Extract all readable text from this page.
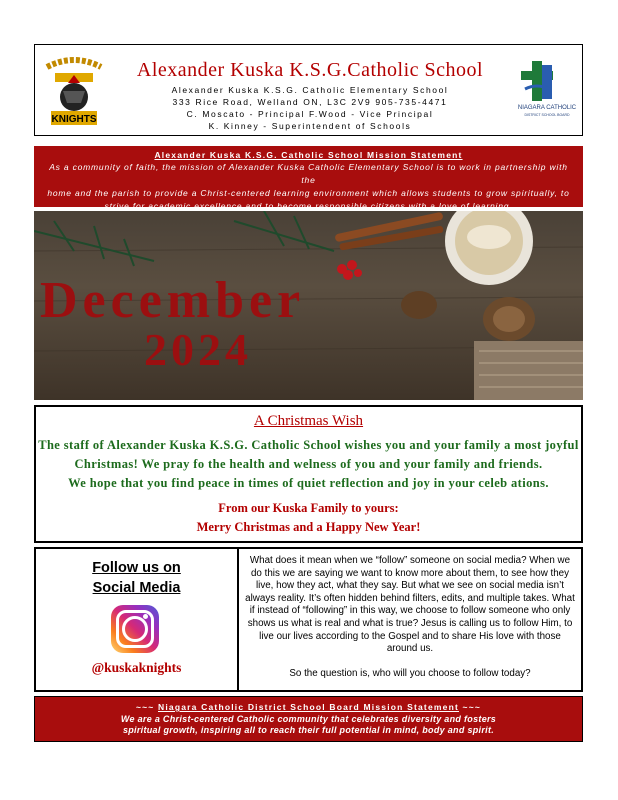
KNIGHTS
Alexander Kuska K.S.G.Catholic School
Alexander Kuska K.S.G. Catholic Elementary School
333 Rice Road, Welland ON, L3C 2V9 905-735-4471
C. Moscato - Principal F.Wood - Vice Principal
K. Kinney - Superintendent of Schools
NIAGARA CATHOLIC
DISTRICT SCHOOL BOARD
Alexander Kuska K.S.G. Catholic School Mission Statement
As a community of faith, the mission of Alexander Kuska Catholic Elementary School is to work in partnership with the
home and the parish to provide a Christ-centered learning environment which allows students to grow spiritually, to
strive for academic excellence and to become responsible citizens with a love of learning.
December
2024
A Christmas Wish
The staff of Alexander Kuska K.S.G. Catholic School wishes you and your family a most joyful
Christmas! We pray fo the health and welness of you and your family and friends.
We hope that you find peace in times of quiet reflection and joy in your celeb ations.
From our Kuska Family to yours:
Merry Christmas and a Happy New Year!
Follow us on
Social Media
@kuskaknights
What does it mean when we “follow” someone on social media? When we do this we are saying we want to know more about them, to see how they live, how they act, what they say. But what we see on social media isn’t always reality. It’s often hidden behind filters, edits, and multiple takes. What if instead of “following” in this way, we choose to follow someone who only shows us what is real and what is true? Jesus is calling us to follow Him, to live our lives according to the Gospel and to share His love with those around us.
So the question is, who will you choose to follow today?
~~~ Niagara Catholic District School Board Mission Statement ~~~
We are a Christ-centered Catholic community that celebrates diversity and fosters
spiritual growth, inspiring all to reach their full potential in mind, body and spirit.
